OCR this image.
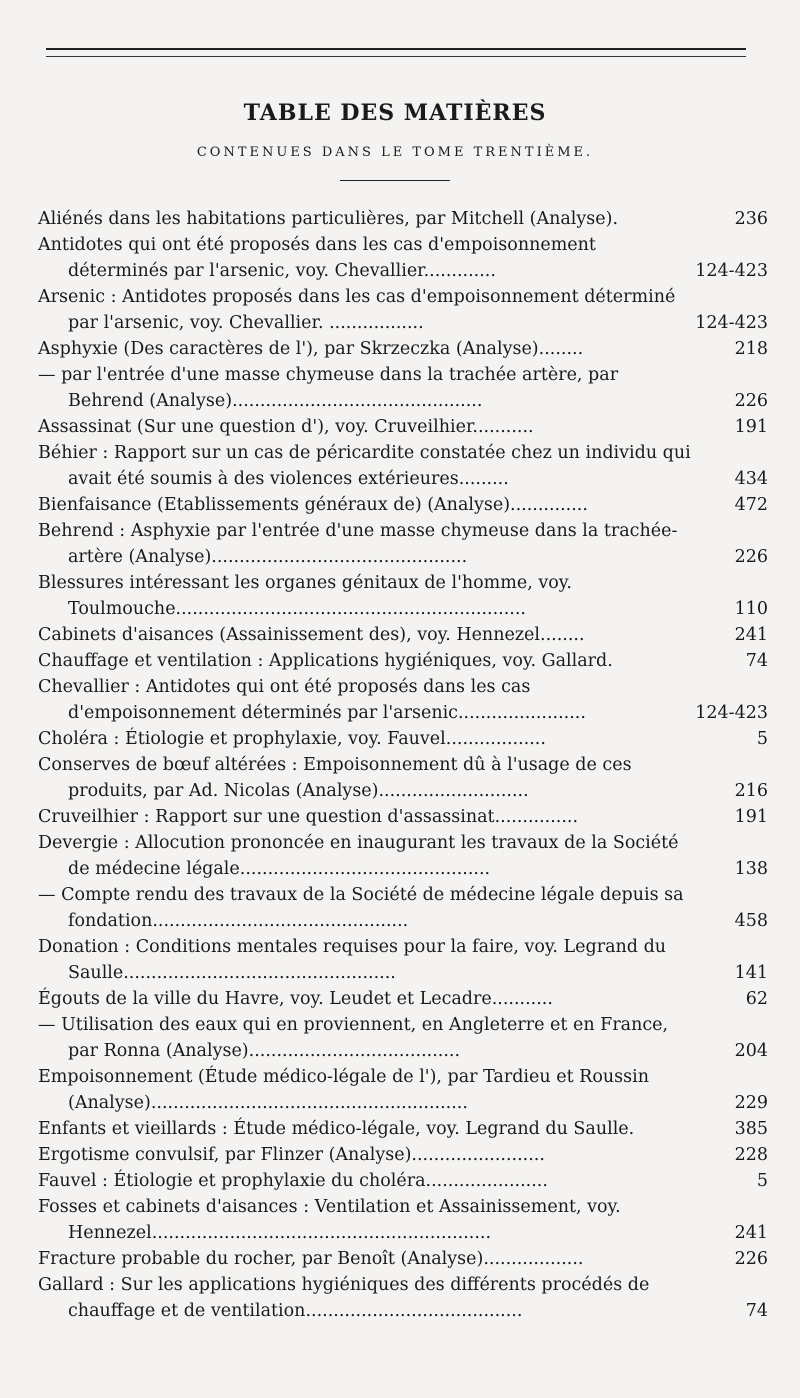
TABLE DES MATIÈRES
CONTENUES DANS LE TOME TRENTIÈME.
Aliénés dans les habitations particulières, par Mitchell (Analyse).	236
Antidotes qui ont été proposés dans les cas d'empoisonnement déterminés par l'arsenic, voy. Chevallier.............	124-423
Arsenic : Antidotes proposés dans les cas d'empoisonnement déterminé par l'arsenic, voy. Chevallier. .................	124-423
Asphyxie (Des caractères de l'), par Skrzeczka (Analyse)........	218
— par l'entrée d'une masse chymeuse dans la trachée artère, par Behrend (Analyse).............................................	226
Assassinat (Sur une question d'), voy. Cruveilhier...........	191
Béhier : Rapport sur un cas de péricardite constatée chez un individu qui avait été soumis à des violences extérieures.........	434
Bienfaisance (Etablissements généraux de) (Analyse)..............	472
Behrend : Asphyxie par l'entrée d'une masse chymeuse dans la trachée-artère (Analyse)..............................................	226
Blessures intéressant les organes génitaux de l'homme, voy. Toulmouche...............................................................	110
Cabinets d'aisances (Assainissement des), voy. Hennezel........	241
Chauffage et ventilation : Applications hygiéniques, voy. Gallard.	74
Chevallier : Antidotes qui ont été proposés dans les cas d'empoisonnement déterminés par l'arsenic.......................	124-423
Choléra : Étiologie et prophylaxie, voy. Fauvel..................	5
Conserves de bœuf altérées : Empoisonnement dû à l'usage de ces produits, par Ad. Nicolas (Analyse)...........................	216
Cruveilhier : Rapport sur une question d'assassinat...............	191
Devergie : Allocution prononcée en inaugurant les travaux de la Société de médecine légale.............................................	138
— Compte rendu des travaux de la Société de médecine légale depuis sa fondation..............................................	458
Donation : Conditions mentales requises pour la faire, voy. Legrand du Saulle.................................................	141
Égouts de la ville du Havre, voy. Leudet et Lecadre...........	62
— Utilisation des eaux qui en proviennent, en Angleterre et en France, par Ronna (Analyse)......................................	204
Empoisonnement (Étude médico-légale de l'), par Tardieu et Roussin (Analyse).........................................................	229
Enfants et vieillards : Étude médico-légale, voy. Legrand du Saulle.	385
Ergotisme convulsif, par Flinzer (Analyse)........................	228
Fauvel : Étiologie et prophylaxie du choléra......................	5
Fosses et cabinets d'aisances : Ventilation et Assainissement, voy. Hennezel.............................................................	241
Fracture probable du rocher, par Benoît (Analyse)..................	226
Gallard : Sur les applications hygiéniques des différents procédés de chauffage et de ventilation.......................................	74
